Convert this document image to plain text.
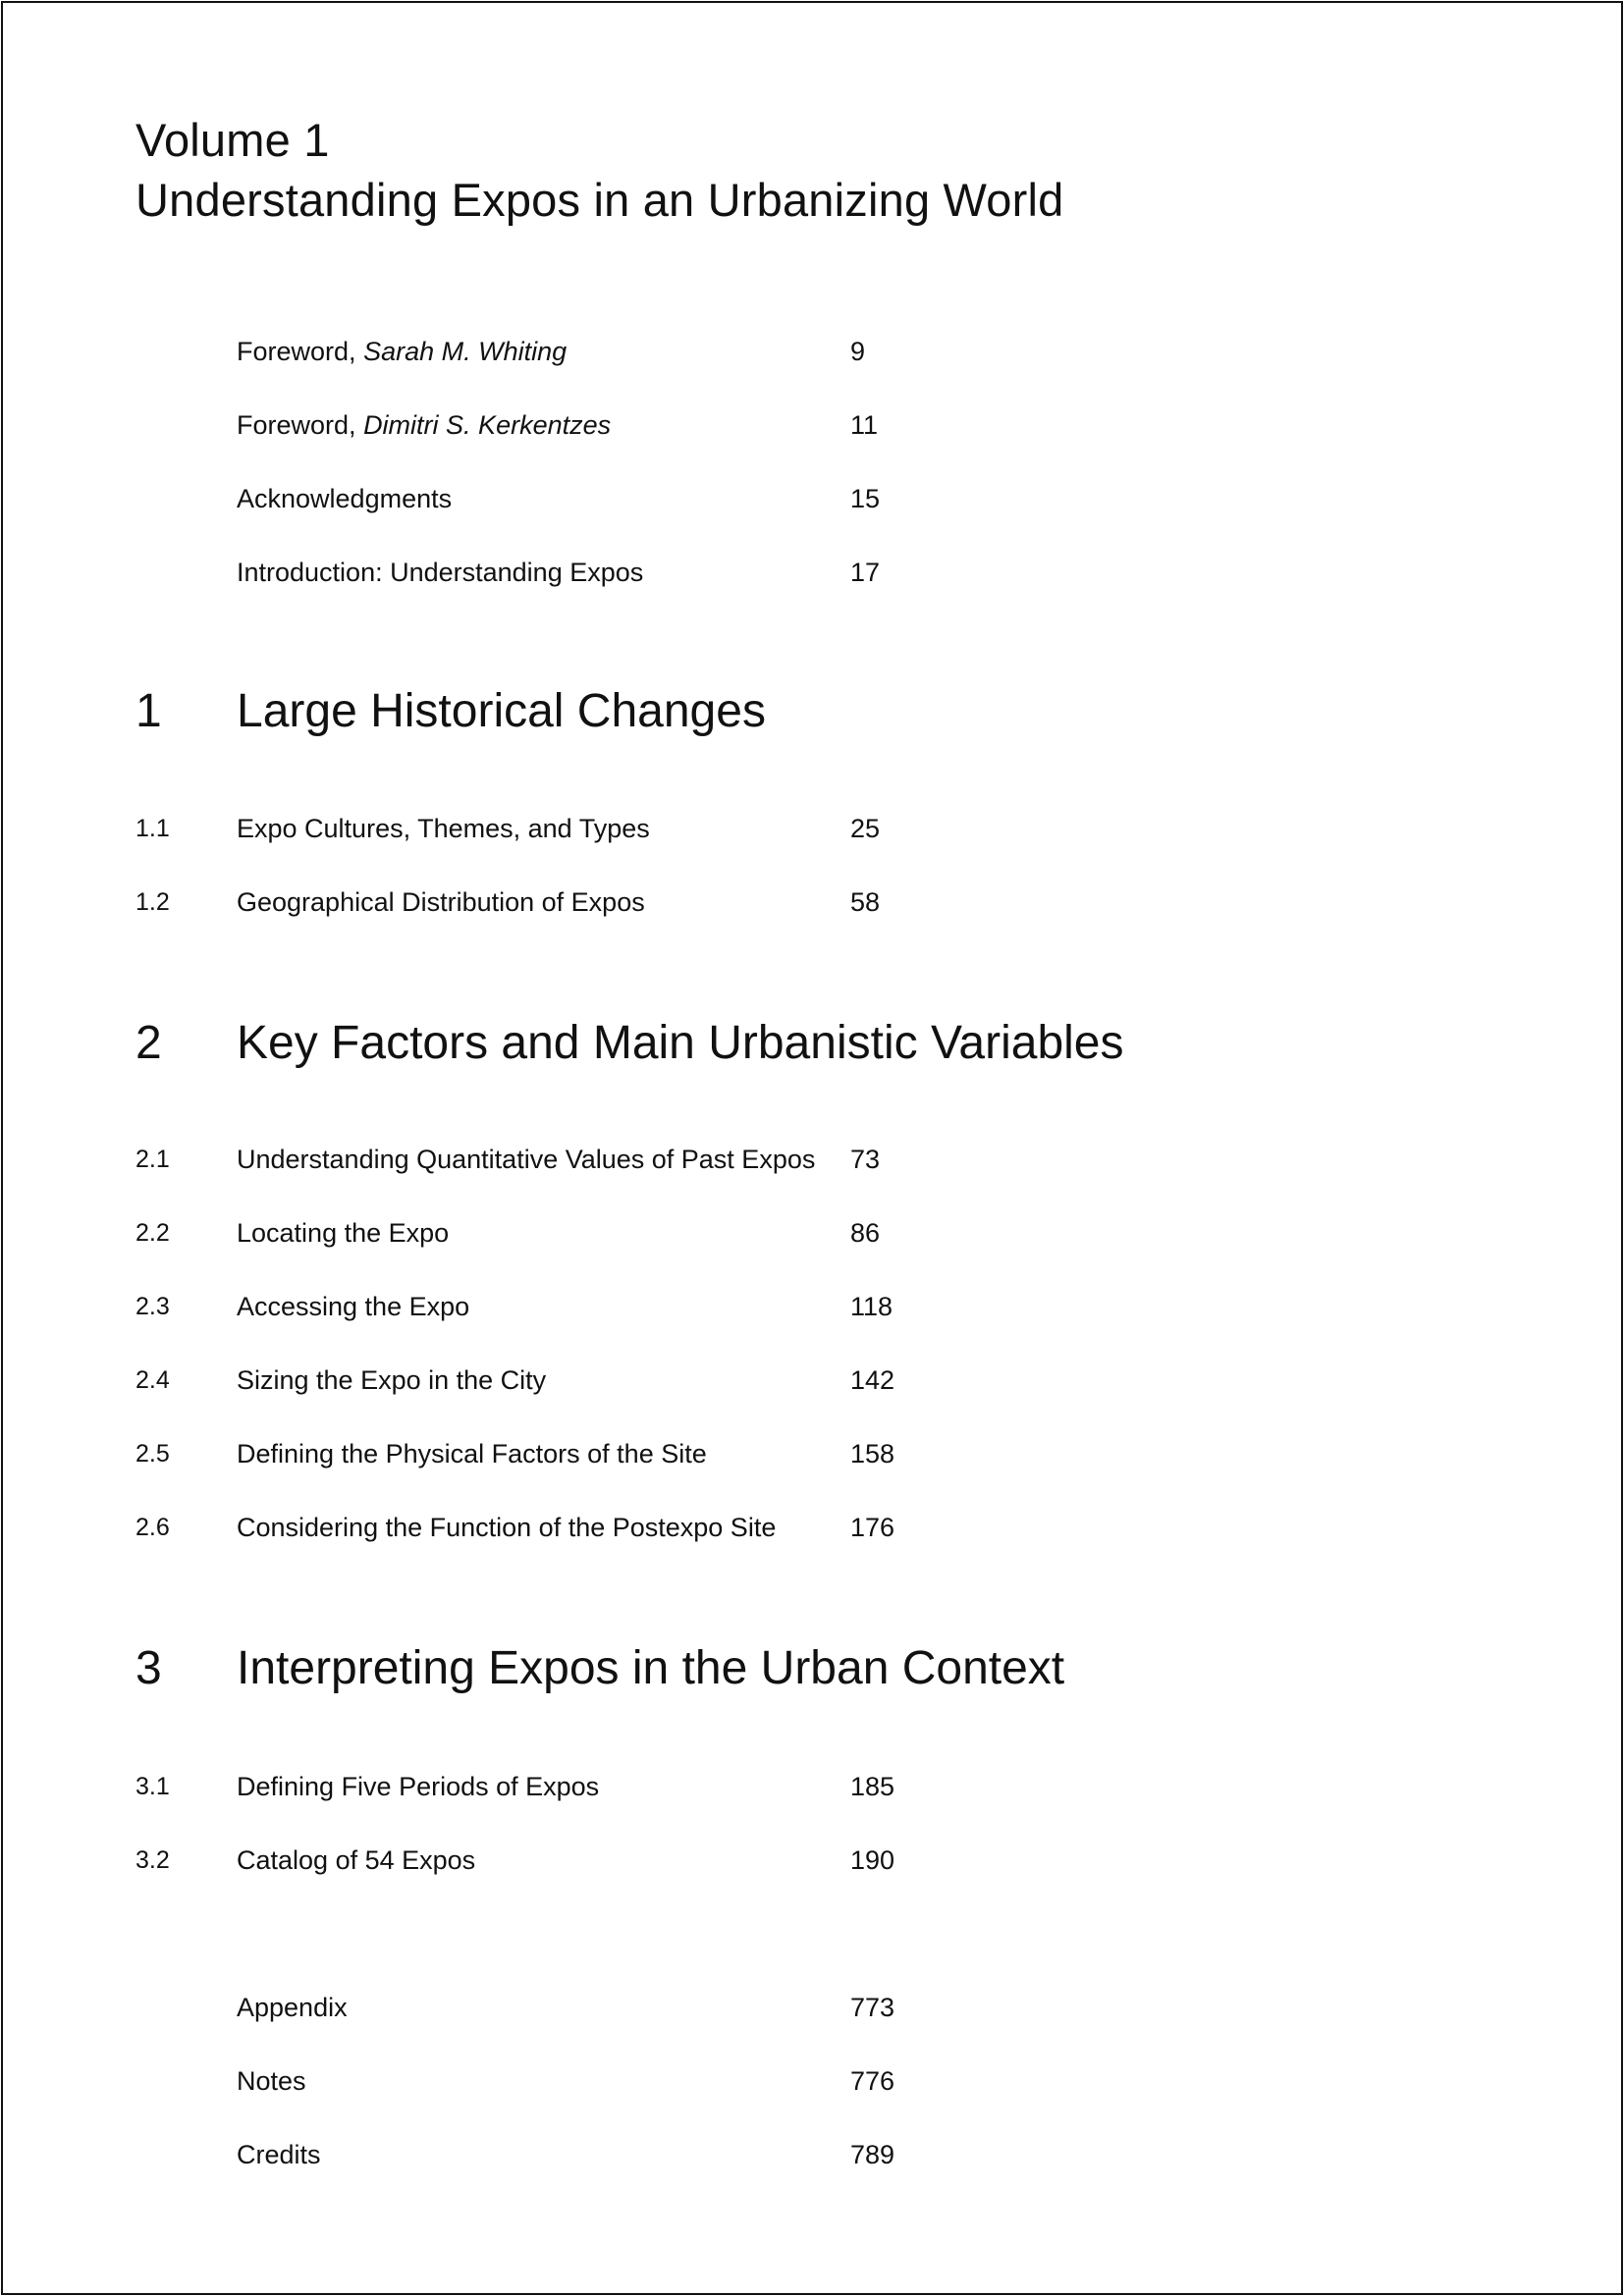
Volume 1
Understanding Expos in an Urbanizing World
Foreword, Sarah M. Whiting	9
Foreword, Dimitri S. Kerkentzes	11
Acknowledgments	15
Introduction: Understanding Expos	17
1 Large Historical Changes
1.1	Expo Cultures, Themes, and Types	25
1.2	Geographical Distribution of Expos	58
2 Key Factors and Main Urbanistic Variables
2.1	Understanding Quantitative Values of Past Expos 73
2.2	Locating the Expo	86
2.3	Accessing the Expo	118
2.4	Sizing the Expo in the City	142
2.5	Defining the Physical Factors of the Site	158
2.6	Considering the Function of the Postexpo Site	176
3 Interpreting Expos in the Urban Context
3.1	Defining Five Periods of Expos	185
3.2	Catalog of 54 Expos	190
Appendix	773
Notes	776
Credits	789
